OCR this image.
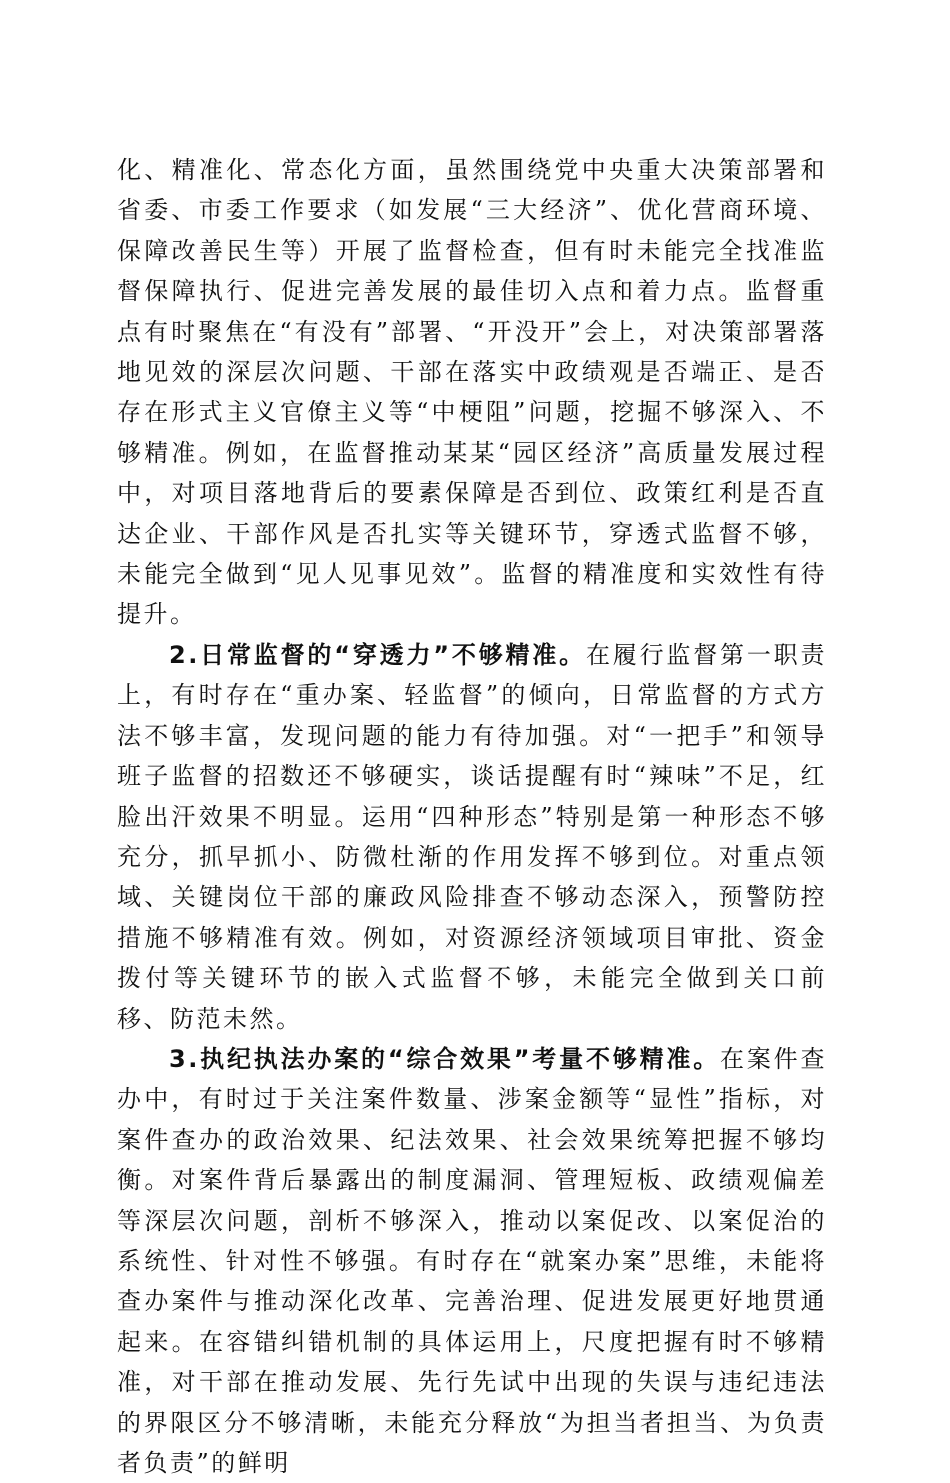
化、精准化、常态化方面，虽然围绕党中央重大决策部署和省委、市委工作要求（如发展“三大经济”、优化营商环境、保障改善民生等）开展了监督检查，但有时未能完全找准监督保障执行、促进完善发展的最佳切入点和着力点。监督重点有时聚焦在“有没有”部署、“开没开”会上，对决策部署落地见效的深层次问题、干部在落实中政绩观是否端正、是否存在形式主义官僚主义等“中梗阻”问题，挖掘不够深入、不够精准。例如，在监督推动某某“园区经济”高质量发展过程中，对项目落地背后的要素保障是否到位、政策红利是否直达企业、干部作风是否扎实等关键环节，穿透式监督不够，未能完全做到“见人见事见效”。监督的精准度和实效性有待提升。

2.日常监督的“穿透力”不够精准。在履行监督第一职责上，有时存在“重办案、轻监督”的倾向，日常监督的方式方法不够丰富，发现问题的能力有待加强。对“一把手”和领导班子监督的招数还不够硬实，谈话提醒有时“辣味”不足，红脸出汗效果不明显。运用“四种形态”特别是第一种形态不够充分，抓早抓小、防微杜渐的作用发挥不够到位。对重点领域、关键岗位干部的廉政风险排查不够动态深入，预警防控措施不够精准有效。例如，对资源经济领域项目审批、资金拨付等关键环节的嵌入式监督不够，未能完全做到关口前移、防范未然。

3.执纪执法办案的“综合效果”考量不够精准。在案件查办中，有时过于关注案件数量、涉案金额等“显性”指标，对案件查办的政治效果、纪法效果、社会效果统筹把握不够均衡。对案件背后暴露出的制度漏洞、管理短板、政绩观偏差等深层次问题，剖析不够深入，推动以案促改、以案促治的系统性、针对性不够强。有时存在“就案办案”思维，未能将查办案件与推动深化改革、完善治理、促进发展更好地贯通起来。在容错纠错机制的具体运用上，尺度把握有时不够精准，对干部在推动发展、先行先试中出现的失误与违纪违法的界限区分不够清晰，未能充分释放“为担当者担当、为负责者负责”的鲜明
